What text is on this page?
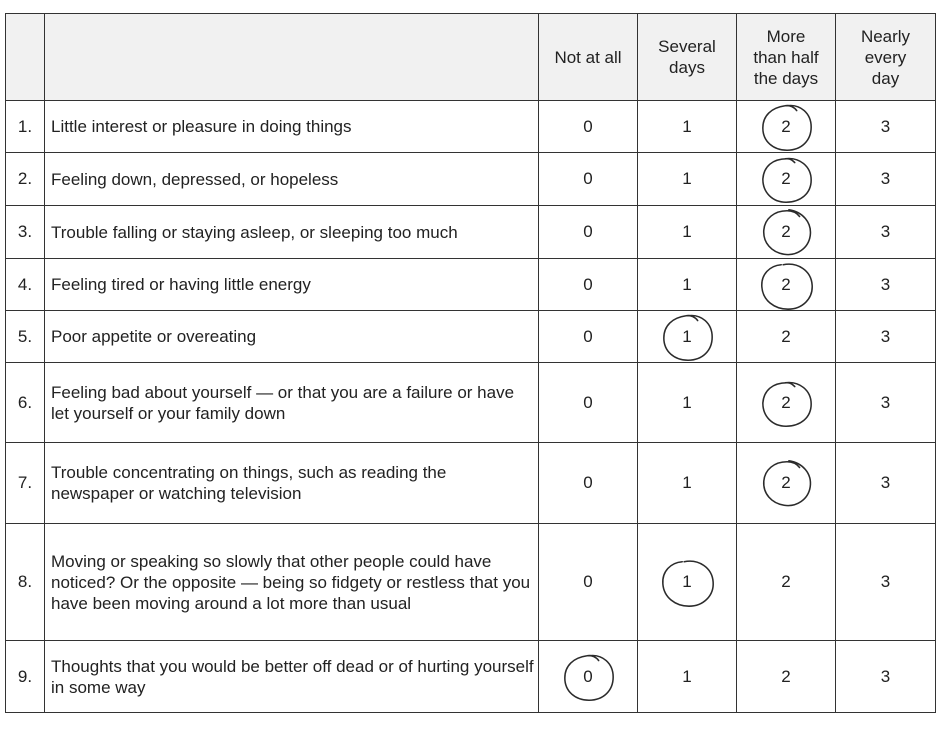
		Not at all	Several
days	More
than half
the days	Nearly
every
day
1.	Little interest or pleasure in doing things	0	1	2	3
2.	Feeling down, depressed, or hopeless	0	1	2	3
3.	Trouble falling or staying asleep, or sleeping too much	0	1	2	3
4.	Feeling tired or having little energy	0	1	2	3
5.	Poor appetite or overeating	0	1	2	3
6.	Feeling bad about yourself — or that you are a failure or have let yourself or your family down	0	1	2	3
7.	Trouble concentrating on things, such as reading the newspaper or watching television	0	1	2	3
8.	Moving or speaking so slowly that other people could have noticed? Or the opposite — being so fidgety or restless that you have been moving around a lot more than usual	0	1	2	3
9.	Thoughts that you would be better off dead or of hurting yourself in some way	0	1	2	3
